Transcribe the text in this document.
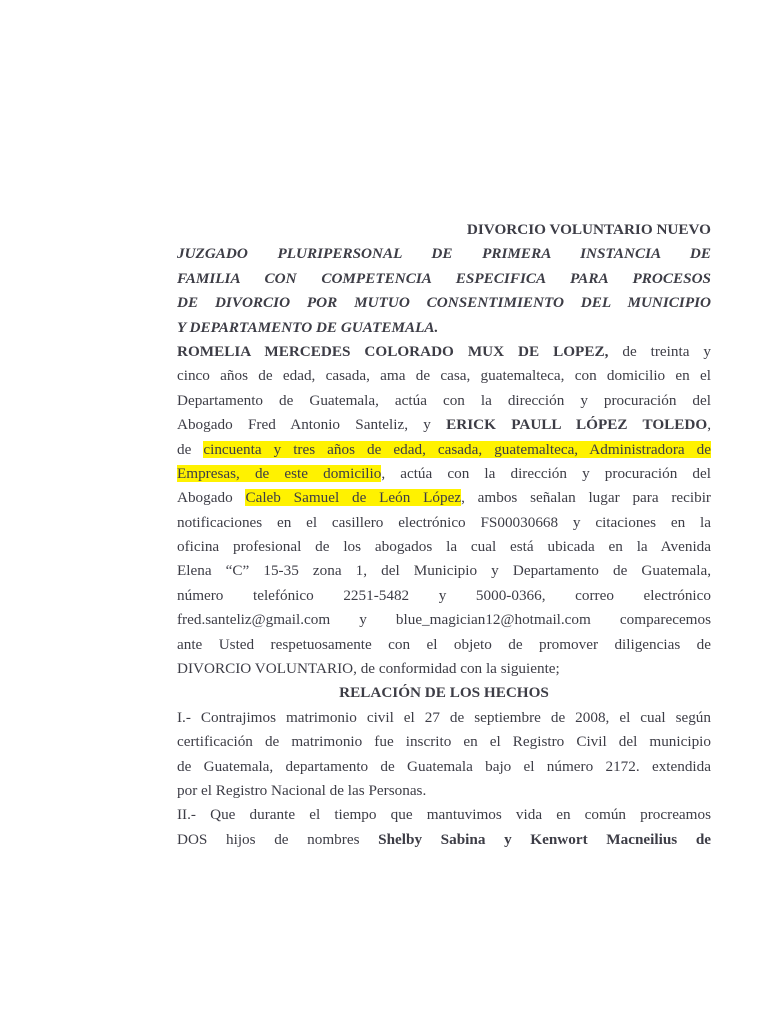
DIVORCIO VOLUNTARIO NUEVO
JUZGADO PLURIPERSONAL DE PRIMERA INSTANCIA DE
FAMILIA CON COMPETENCIA ESPECIFICA PARA PROCESOS
DE DIVORCIO POR MUTUO CONSENTIMIENTO DEL MUNICIPIO
Y DEPARTAMENTO DE GUATEMALA.
ROMELIA MERCEDES COLORADO MUX DE LOPEZ, de treinta y
cinco años de edad, casada, ama de casa, guatemalteca, con domicilio en el
Departamento de Guatemala, actúa con la dirección y procuración del
Abogado Fred Antonio Santeliz, y ERICK PAULL LÓPEZ TOLEDO,
de cincuenta y tres años de edad, casada, guatemalteca, Administradora de
Empresas, de este domicilio, actúa con la dirección y procuración del
Abogado Caleb Samuel de León López, ambos señalan lugar para recibir
notificaciones en el casillero electrónico FS00030668 y citaciones en la
oficina profesional de los abogados la cual está ubicada en la Avenida
Elena “C” 15-35 zona 1, del Municipio y Departamento de Guatemala,
número telefónico 2251-5482 y 5000-0366, correo electrónico
fred.santeliz@gmail.com y blue_magician12@hotmail.com comparecemos
ante Usted respetuosamente con el objeto de promover diligencias de
DIVORCIO VOLUNTARIO, de conformidad con la siguiente;
RELACIÓN DE LOS HECHOS
I.- Contrajimos matrimonio civil el 27 de septiembre de 2008, el cual según
certificación de matrimonio fue inscrito en el Registro Civil del municipio
de Guatemala, departamento de Guatemala bajo el número 2172. extendida
por el Registro Nacional de las Personas.
II.- Que durante el tiempo que mantuvimos vida en común procreamos
DOS hijos de nombres Shelby Sabina y Kenwort Macneilius de
